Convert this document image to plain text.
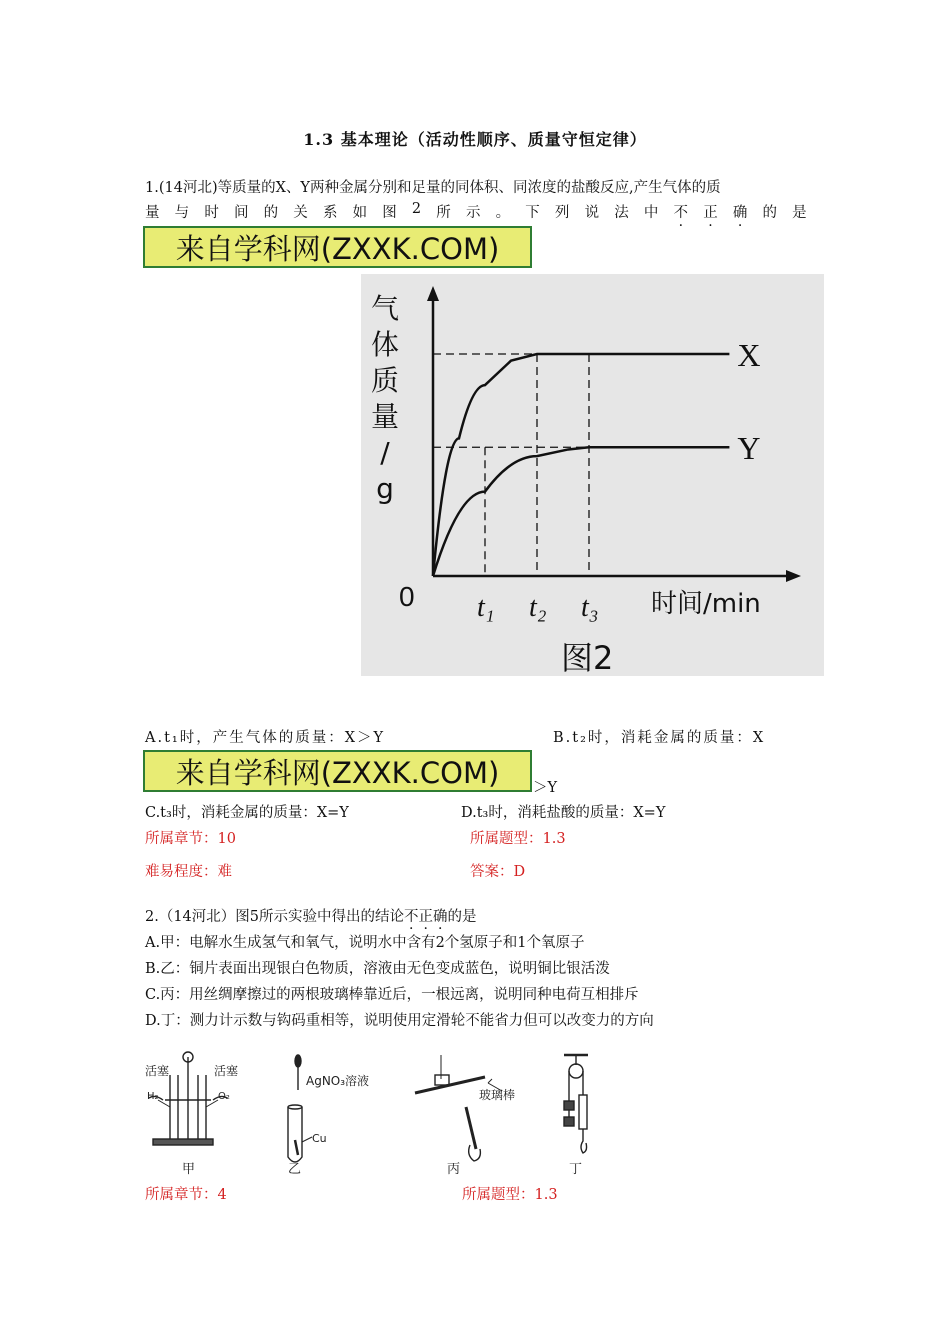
1.3 基本理论（活动性顺序、质量守恒定律）
1.(14河北)等质量的X、Y两种金属分别和足量的同体积、同浓度的盐酸反应,产生气体的质
量 与 时 间 的 关 系 如 图 2 所 示 。 下 列 说 法 中 不 · 正 · 确 · 的 是
来自学科网(ZXXK.COM)
X
Y
t₁ t₂ t₃
0	时间/min
气
体
质
量
/
g
图2
A.t₁时，产生气体的质量：X＞Y	B.t₂时，消耗金属的质量：X
来自学科网(ZXXK.COM)	＞Y
C.t₃时，消耗金属的质量：X=Y	D.t₃时，消耗盐酸的质量：X=Y
所属章节：10	所属题型：1.3
难易程度：难	答案：D
2.（14河北）图5所示实验中得出的结论不正确的是
A.甲：电解水生成氢气和氧气，说明水中含有2个氢原子和1个氧原子
B.乙：铜片表面出现银白色物质，溶液由无色变成蓝色，说明铜比银活泼
C.丙：用丝绸摩擦过的两根玻璃棒靠近后，一根远离，说明同种电荷互相排斥
D.丁：测力计示数与钩码重相等，说明使用定滑轮不能省力但可以改变力的方向
活塞	活塞
H₂	O₂
甲
AgNO₃溶液
Cu
乙
玻璃棒
丙	丁
所属章节：4	所属题型：1.3
